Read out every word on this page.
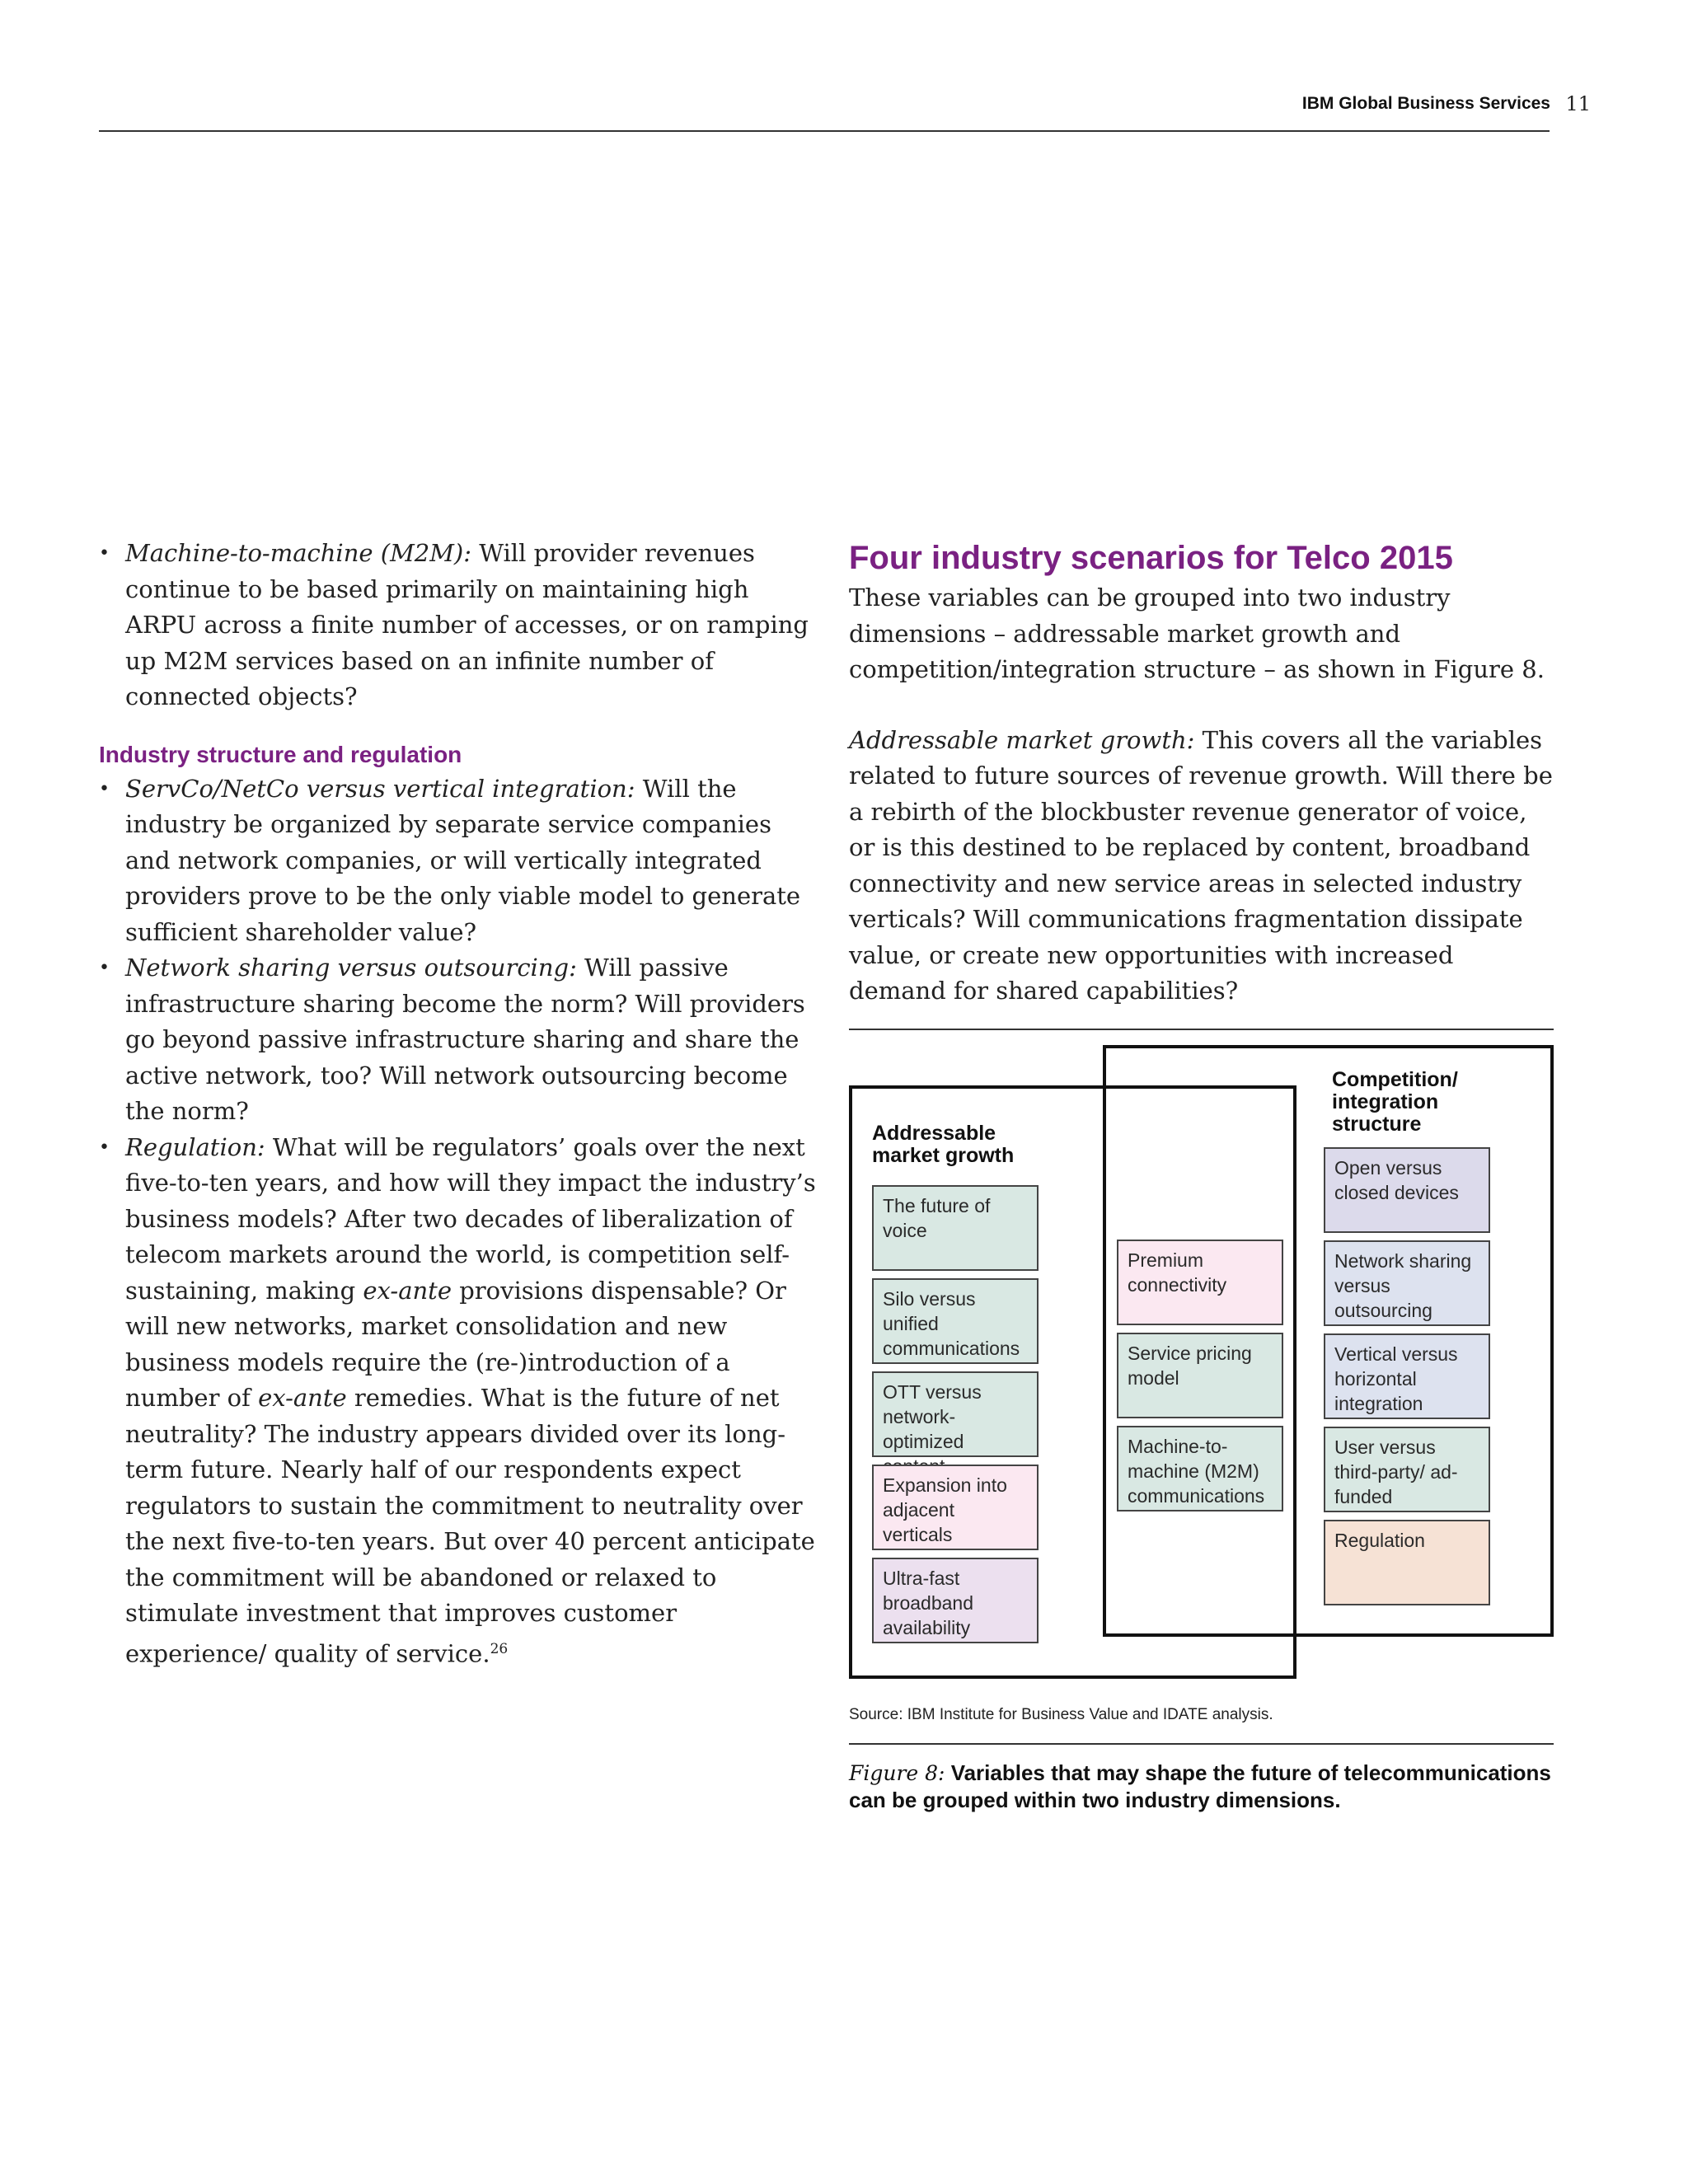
IBM Global Business Services 11
• Machine-to-machine (M2M): Will provider revenues continue to be based primarily on maintaining high ARPU across a finite number of accesses, or on ramping up M2M services based on an infinite number of connected objects?
Industry structure and regulation
• ServCo/NetCo versus vertical integration: Will the industry be organized by separate service companies and network companies, or will vertically integrated providers prove to be the only viable model to generate sufficient shareholder value?
• Network sharing versus outsourcing: Will passive infrastructure sharing become the norm? Will providers go beyond passive infrastructure sharing and share the active network, too? Will network outsourcing become the norm?
• Regulation: What will be regulators’ goals over the next five-to-ten years, and how will they impact the industry’s business models? After two decades of liberalization of telecom markets around the world, is competition self-sustaining, making ex-ante provisions dispensable? Or will new networks, market consolidation and new business models require the (re-)introduction of a number of ex-ante remedies. What is the future of net neutrality? The industry appears divided over its long-term future. Nearly half of our respondents expect regulators to sustain the commitment to neutrality over the next five-to-ten years. But over 40 percent anticipate the commitment will be abandoned or relaxed to stimulate investment that improves customer experience/ quality of service.$^{26}$
Four industry scenarios for Telco 2015

These variables can be grouped into two industry dimensions – addressable market growth and competition/integration structure – as shown in Figure 8.

Addressable market growth: This covers all the variables related to future sources of revenue growth. Will there be a rebirth of the blockbuster revenue generator of voice, or is this destined to be replaced by content, broadband connectivity and new service areas in selected industry verticals? Will communications fragmentation dissipate value, or create new opportunities with increased demand for shared capabilities?

Addressable market growth
Competition/ integration structure
The future of voice
Silo versus unified communications
OTT versus network-optimized
Expansion into adjacent verticals
Ultra-fast broadband availability
Premium connectivity
Service pricing model
Machine-to-machine (M2M) communications
Open versus closed devices
Network sharing versus outsourcing
Vertical versus horizontal integration
User versus third-party/ ad-funded
Regulation
Source: IBM Institute for Business Value and IDATE analysis.
Figure 8: Variables that may shape the future of telecommunications can be grouped within two industry dimensions.
